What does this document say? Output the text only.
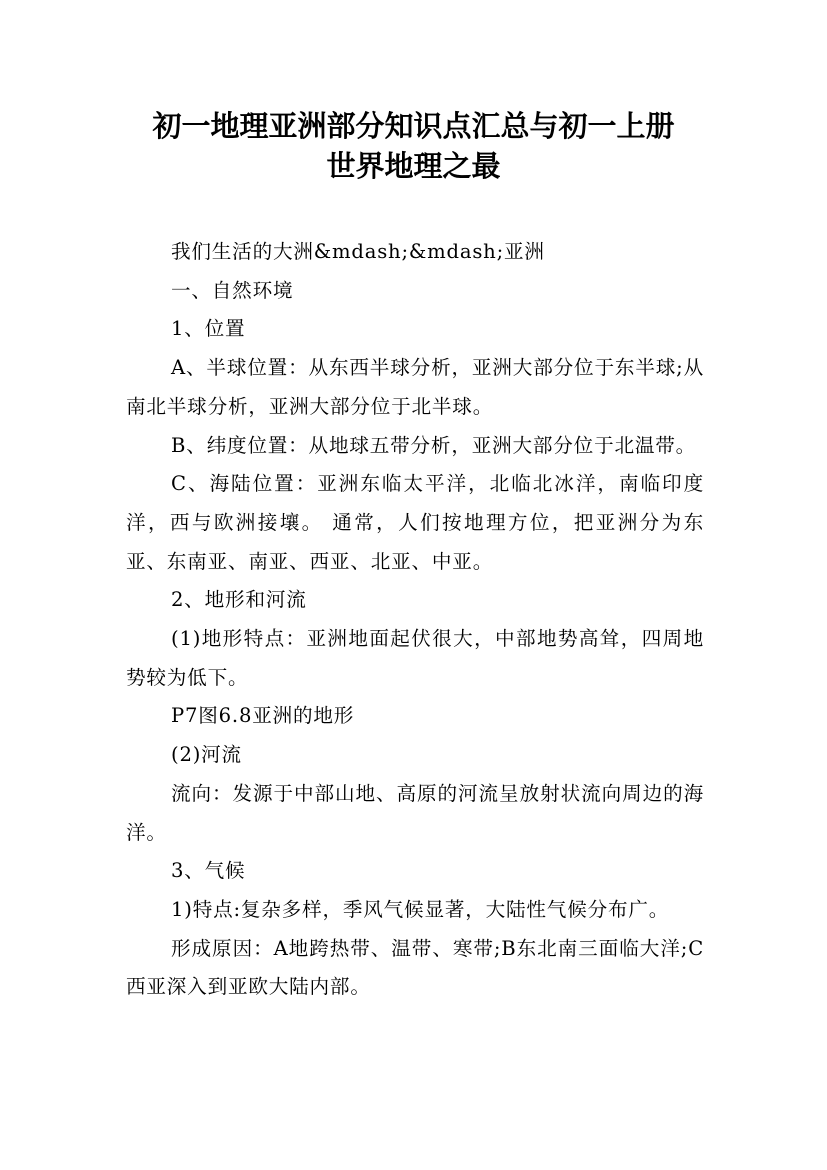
初一地理亚洲部分知识点汇总与初一上册
世界地理之最

我们生活的大洲&mdash;&mdash;亚洲

一、自然环境

1、位置

A、半球位置：从东西半球分析，亚洲大部分位于东半球;从南北半球分析，亚洲大部分位于北半球。

B、纬度位置：从地球五带分析，亚洲大部分位于北温带。

C、海陆位置：亚洲东临太平洋，北临北冰洋，南临印度洋，西与欧洲接壤。 通常，人们按地理方位，把亚洲分为东亚、东南亚、南亚、西亚、北亚、中亚。

2、地形和河流

(1)地形特点：亚洲地面起伏很大，中部地势高耸，四周地势较为低下。

P7图6.8亚洲的地形

(2)河流

流向：发源于中部山地、高原的河流呈放射状流向周边的海洋。

3、气候

1)特点:复杂多样，季风气候显著，大陆性气候分布广。

形成原因：A地跨热带、温带、寒带;B东北南三面临大洋;C西亚深入到亚欧大陆内部。
